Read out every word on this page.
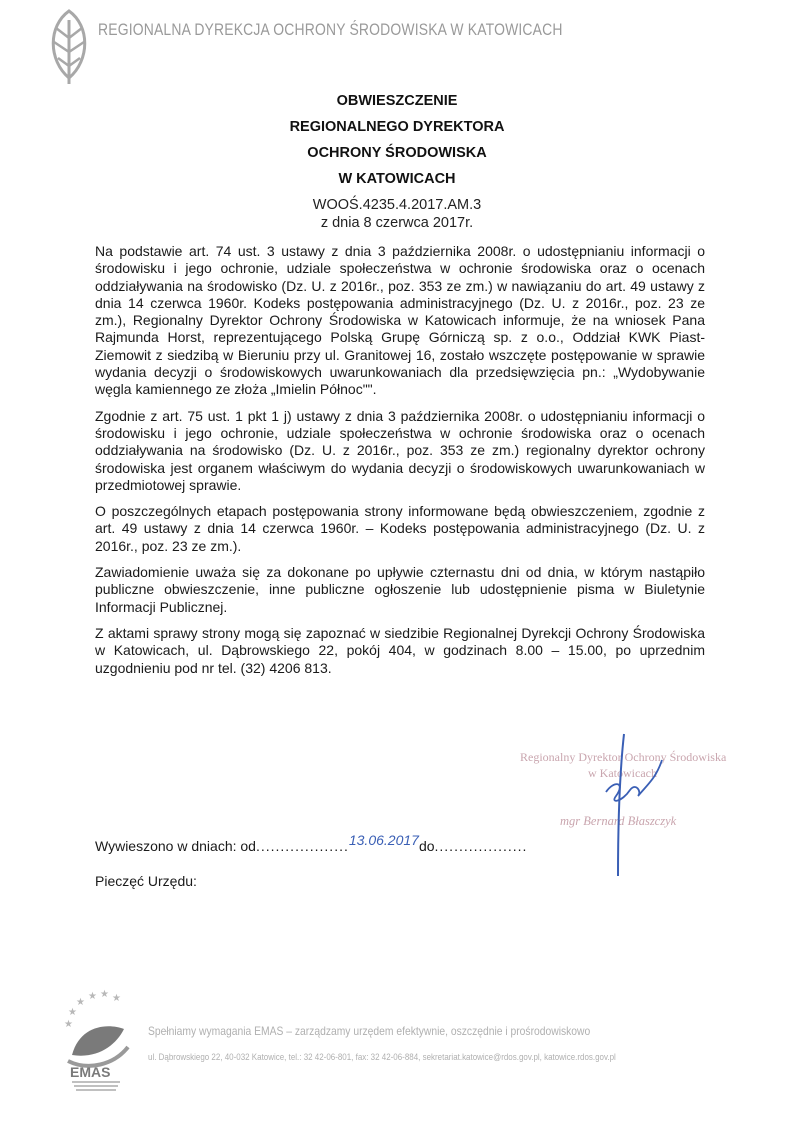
REGIONALNA DYREKCJA OCHRONY ŚRODOWISKA W KATOWICACH
OBWIESZCZENIE
REGIONALNEGO DYREKTORA
OCHRONY ŚRODOWISKA
W KATOWICACH
WOOŚ.4235.4.2017.AM.3
z dnia 8 czerwca 2017r.

Na podstawie art. 74 ust. 3 ustawy z dnia 3 października 2008r. o udostępnianiu informacji o środowisku i jego ochronie, udziale społeczeństwa w ochronie środowiska oraz o ocenach oddziaływania na środowisko (Dz. U. z 2016r., poz. 353 ze zm.) w nawiązaniu do art. 49 ustawy z dnia 14 czerwca 1960r. Kodeks postępowania administracyjnego (Dz. U. z 2016r., poz. 23 ze zm.), Regionalny Dyrektor Ochrony Środowiska w Katowicach informuje, że na wniosek Pana Rajmunda Horst, reprezentującego Polską Grupę Górniczą sp. z o.o., Oddział KWK Piast-Ziemowit z siedzibą w Bieruniu przy ul. Granitowej 16, zostało wszczęte postępowanie w sprawie wydania decyzji o środowiskowych uwarunkowaniach dla przedsięwzięcia pn.: „Wydobywanie węgla kamiennego ze złoża „Imielin Północ"".

Zgodnie z art. 75 ust. 1 pkt 1 j) ustawy z dnia 3 października 2008r. o udostępnianiu informacji o środowisku i jego ochronie, udziale społeczeństwa w ochronie środowiska oraz o ocenach oddziaływania na środowisko (Dz. U. z 2016r., poz. 353 ze zm.) regionalny dyrektor ochrony środowiska jest organem właściwym do wydania decyzji o środowiskowych uwarunkowaniach w przedmiotowej sprawie.

O poszczególnych etapach postępowania strony informowane będą obwieszczeniem, zgodnie z art. 49 ustawy z dnia 14 czerwca 1960r. – Kodeks postępowania administracyjnego (Dz. U. z 2016r., poz. 23 ze zm.).

Zawiadomienie uważa się za dokonane po upływie czternastu dni od dnia, w którym nastąpiło publiczne obwieszczenie, inne publiczne ogłoszenie lub udostępnienie pisma w Biuletynie Informacji Publicznej.

Z aktami sprawy strony mogą się zapoznać w siedzibie Regionalnej Dyrekcji Ochrony Środowiska w Katowicach, ul. Dąbrowskiego 22, pokój 404, w godzinach 8.00 – 15.00, po uprzednim uzgodnieniu pod nr tel. (32) 4206 813.

Regionalny Dyrektor Ochrony Środowiska
w Katowicach
mgr Bernard Błaszczyk
Wywieszono w dniach: od...................13.06.2017do...................
Pieczęć Urzędu:
★
★ ★ ★
★
★
EMAS
Spełniamy wymagania EMAS – zarządzamy urzędem efektywnie, oszczędnie i prośrodowiskowo
ul. Dąbrowskiego 22, 40-032 Katowice, tel.: 32 42-06-801, fax: 32 42-06-884, sekretariat.katowice@rdos.gov.pl, katowice.rdos.gov.pl
